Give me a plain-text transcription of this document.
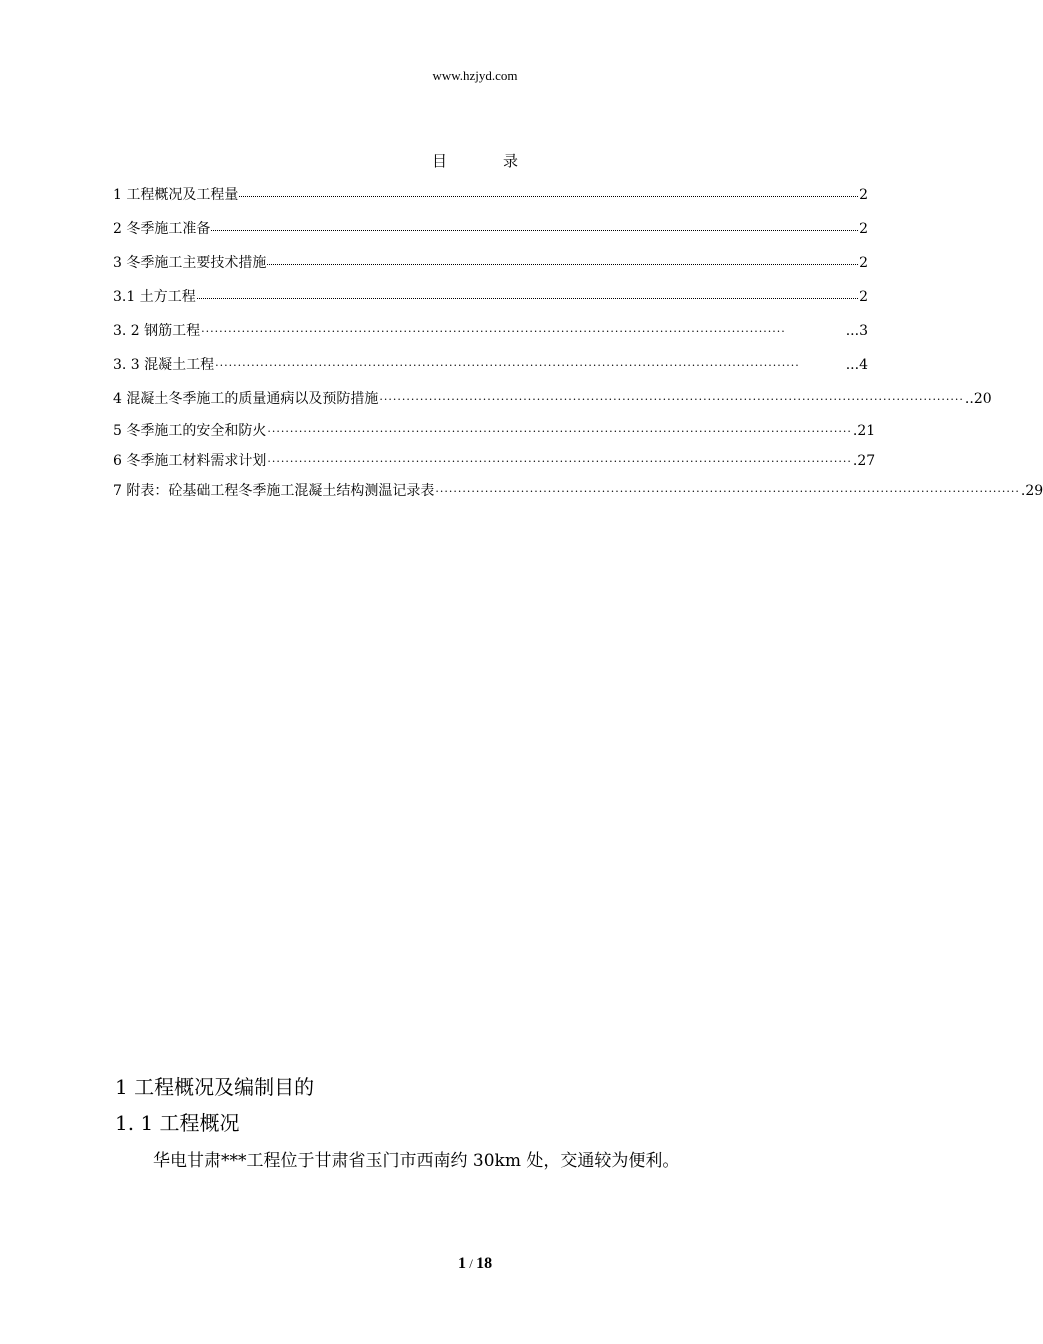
www.hzjyd.com
目	录
1 工程概况及工程量	2
2 冬季施工准备	2
3 冬季施工主要技术措施	2
3.1 土方工程	2
3. 2 钢筋工程 ··································································································································	...3
3. 3 混凝土工程 ··································································································································	...4
4 混凝土冬季施工的质量通病以及预防措施 ·································································································································· ..20
5 冬季施工的安全和防火 ·································································································································· .21
6 冬季施工材料需求计划 ·································································································································· .27
7 附表：砼基础工程冬季施工混凝土结构测温记录表 ·································································································································· .29
1 工程概况及编制目的
1. 1 工程概况
华电甘肃***工程位于甘肃省玉门市西南约 30km 处，交通较为便利。
1 / 18
